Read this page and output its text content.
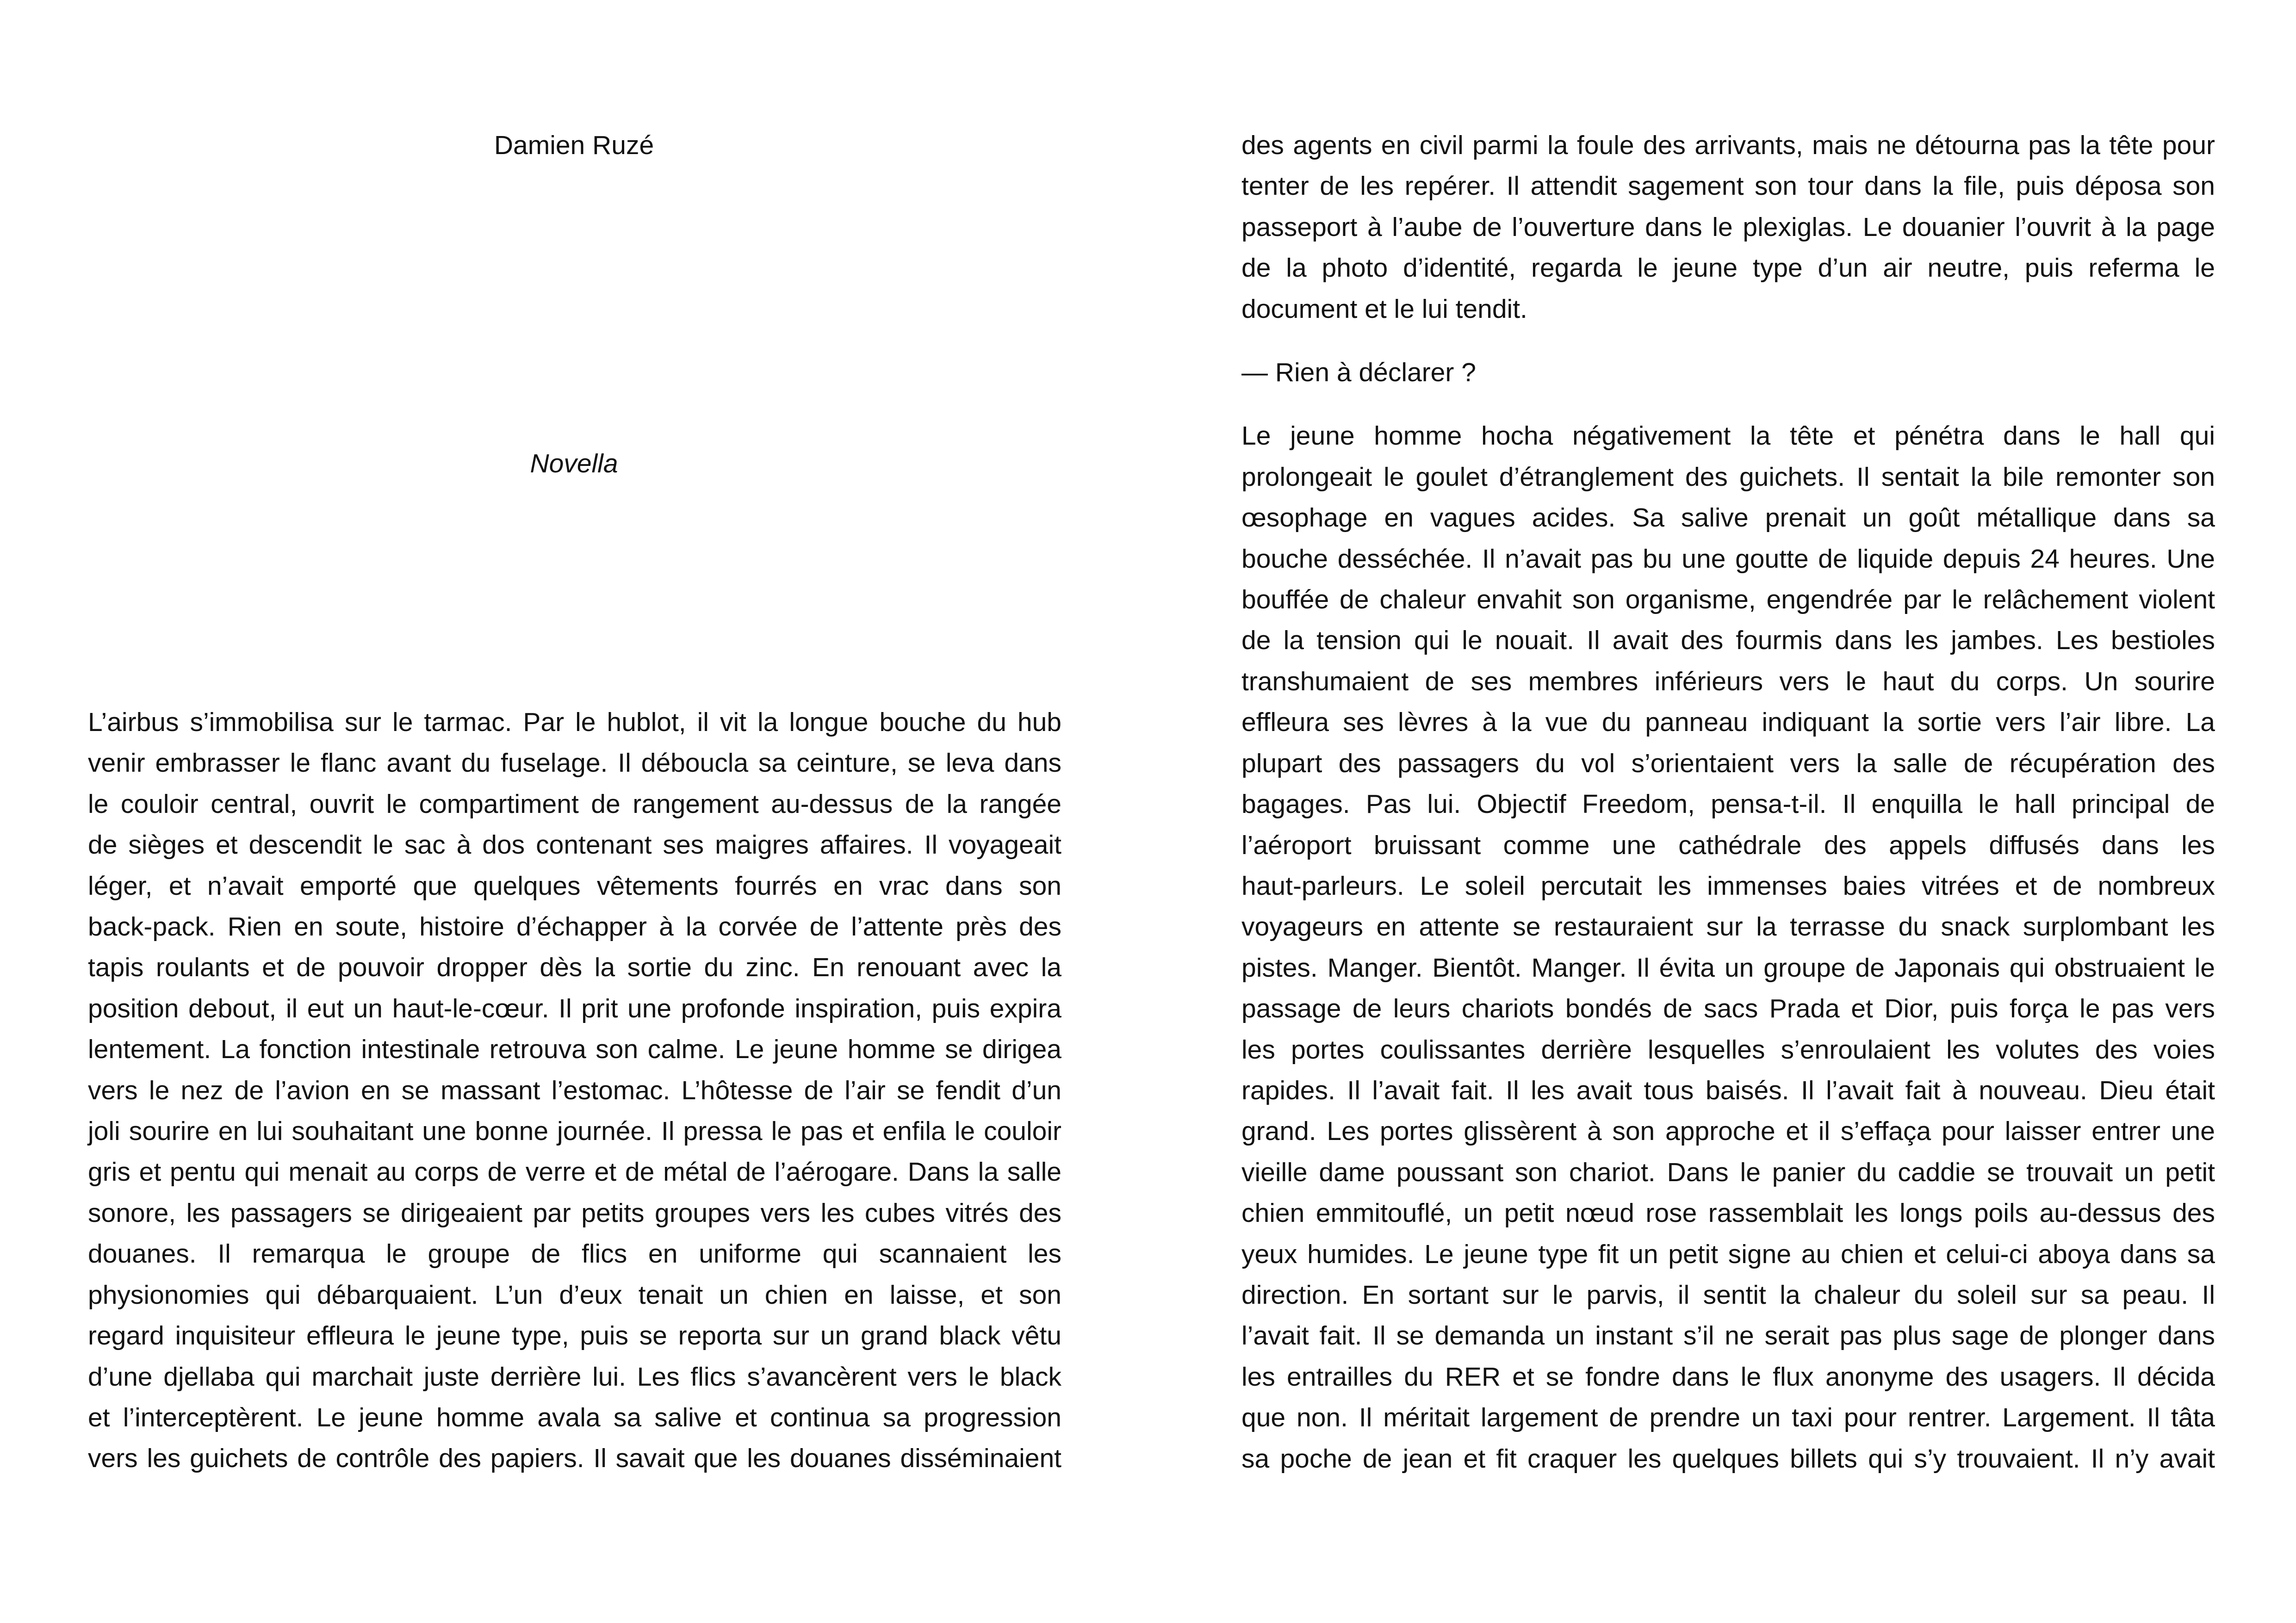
Damien Ruzé
Novella

L’airbus s’immobilisa sur le tarmac. Par le hublot, il vit la longue bouche du hub
venir embrasser le flanc avant du fuselage. Il déboucla sa ceinture, se leva dans
le couloir central, ouvrit le compartiment de rangement au-dessus de la rangée
de sièges et descendit le sac à dos contenant ses maigres affaires. Il voyageait
léger, et n’avait emporté que quelques vêtements fourrés en vrac dans son
back-pack. Rien en soute, histoire d’échapper à la corvée de l’attente près des
tapis roulants et de pouvoir dropper dès la sortie du zinc. En renouant avec la
position debout, il eut un haut-le-cœur. Il prit une profonde inspiration, puis expira
lentement. La fonction intestinale retrouva son calme. Le jeune homme se dirigea
vers le nez de l’avion en se massant l’estomac. L’hôtesse de l’air se fendit d’un
joli sourire en lui souhaitant une bonne journée. Il pressa le pas et enfila le couloir
gris et pentu qui menait au corps de verre et de métal de l’aérogare. Dans la salle
sonore, les passagers se dirigeaient par petits groupes vers les cubes vitrés des
douanes. Il remarqua le groupe de flics en uniforme qui scannaient les
physionomies qui débarquaient. L’un d’eux tenait un chien en laisse, et son
regard inquisiteur effleura le jeune type, puis se reporta sur un grand black vêtu
d’une djellaba qui marchait juste derrière lui. Les flics s’avancèrent vers le black
et l’interceptèrent. Le jeune homme avala sa salive et continua sa progression
vers les guichets de contrôle des papiers. Il savait que les douanes disséminaient

des agents en civil parmi la foule des arrivants, mais ne détourna pas la tête pour
tenter de les repérer. Il attendit sagement son tour dans la file, puis déposa son
passeport à l’aube de l’ouverture dans le plexiglas. Le douanier l’ouvrit à la page
de la photo d’identité, regarda le jeune type d’un air neutre, puis referma le
document et le lui tendit.

— Rien à déclarer ?

Le jeune homme hocha négativement la tête et pénétra dans le hall qui
prolongeait le goulet d’étranglement des guichets. Il sentait la bile remonter son
œsophage en vagues acides. Sa salive prenait un goût métallique dans sa
bouche desséchée. Il n’avait pas bu une goutte de liquide depuis 24 heures. Une
bouffée de chaleur envahit son organisme, engendrée par le relâchement violent
de la tension qui le nouait. Il avait des fourmis dans les jambes. Les bestioles
transhumaient de ses membres inférieurs vers le haut du corps. Un sourire
effleura ses lèvres à la vue du panneau indiquant la sortie vers l’air libre. La
plupart des passagers du vol s’orientaient vers la salle de récupération des
bagages. Pas lui. Objectif Freedom, pensa-t-il. Il enquilla le hall principal de
l’aéroport bruissant comme une cathédrale des appels diffusés dans les
haut-parleurs. Le soleil percutait les immenses baies vitrées et de nombreux
voyageurs en attente se restauraient sur la terrasse du snack surplombant les
pistes. Manger. Bientôt. Manger. Il évita un groupe de Japonais qui obstruaient le
passage de leurs chariots bondés de sacs Prada et Dior, puis força le pas vers
les portes coulissantes derrière lesquelles s’enroulaient les volutes des voies
rapides. Il l’avait fait. Il les avait tous baisés. Il l’avait fait à nouveau. Dieu était
grand. Les portes glissèrent à son approche et il s’effaça pour laisser entrer une
vieille dame poussant son chariot. Dans le panier du caddie se trouvait un petit
chien emmitouflé, un petit nœud rose rassemblait les longs poils au-dessus des
yeux humides. Le jeune type fit un petit signe au chien et celui-ci aboya dans sa
direction. En sortant sur le parvis, il sentit la chaleur du soleil sur sa peau. Il
l’avait fait. Il se demanda un instant s’il ne serait pas plus sage de plonger dans
les entrailles du RER et se fondre dans le flux anonyme des usagers. Il décida
que non. Il méritait largement de prendre un taxi pour rentrer. Largement. Il tâta
sa poche de jean et fit craquer les quelques billets qui s’y trouvaient. Il n’y avait
